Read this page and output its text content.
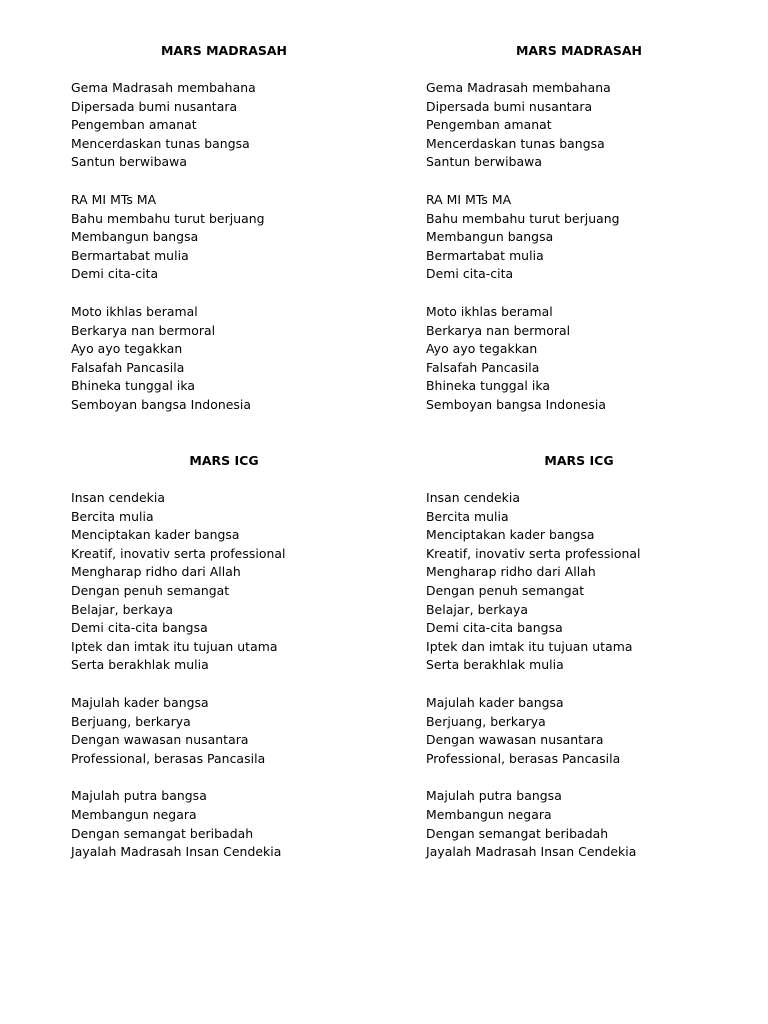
MARS MADRASAH
Gema Madrasah membahana
Dipersada bumi nusantara
Pengemban amanat
Mencerdaskan tunas bangsa
Santun berwibawa
RA MI MTs MA
Bahu membahu turut berjuang
Membangun bangsa
Bermartabat mulia
Demi cita-cita
Moto ikhlas beramal
Berkarya nan bermoral
Ayo ayo tegakkan
Falsafah Pancasila
Bhineka tunggal ika
Semboyan bangsa Indonesia
MARS MADRASAH
Gema Madrasah membahana
Dipersada bumi nusantara
Pengemban amanat
Mencerdaskan tunas bangsa
Santun berwibawa
RA MI MTs MA
Bahu membahu turut berjuang
Membangun bangsa
Bermartabat mulia
Demi cita-cita
Moto ikhlas beramal
Berkarya nan bermoral
Ayo ayo tegakkan
Falsafah Pancasila
Bhineka tunggal ika
Semboyan bangsa Indonesia
MARS ICG
Insan cendekia
Bercita mulia
Menciptakan kader bangsa
Kreatif, inovativ serta professional
Mengharap ridho dari Allah
Dengan penuh semangat
Belajar, berkaya
Demi cita-cita bangsa
Iptek dan imtak itu tujuan utama
Serta berakhlak mulia
Majulah kader bangsa
Berjuang, berkarya
Dengan wawasan nusantara
Professional, berasas Pancasila
Majulah putra bangsa
Membangun negara
Dengan semangat beribadah
Jayalah Madrasah Insan Cendekia
MARS ICG
Insan cendekia
Bercita mulia
Menciptakan kader bangsa
Kreatif, inovativ serta professional
Mengharap ridho dari Allah
Dengan penuh semangat
Belajar, berkaya
Demi cita-cita bangsa
Iptek dan imtak itu tujuan utama
Serta berakhlak mulia
Majulah kader bangsa
Berjuang, berkarya
Dengan wawasan nusantara
Professional, berasas Pancasila
Majulah putra bangsa
Membangun negara
Dengan semangat beribadah
Jayalah Madrasah Insan Cendekia
